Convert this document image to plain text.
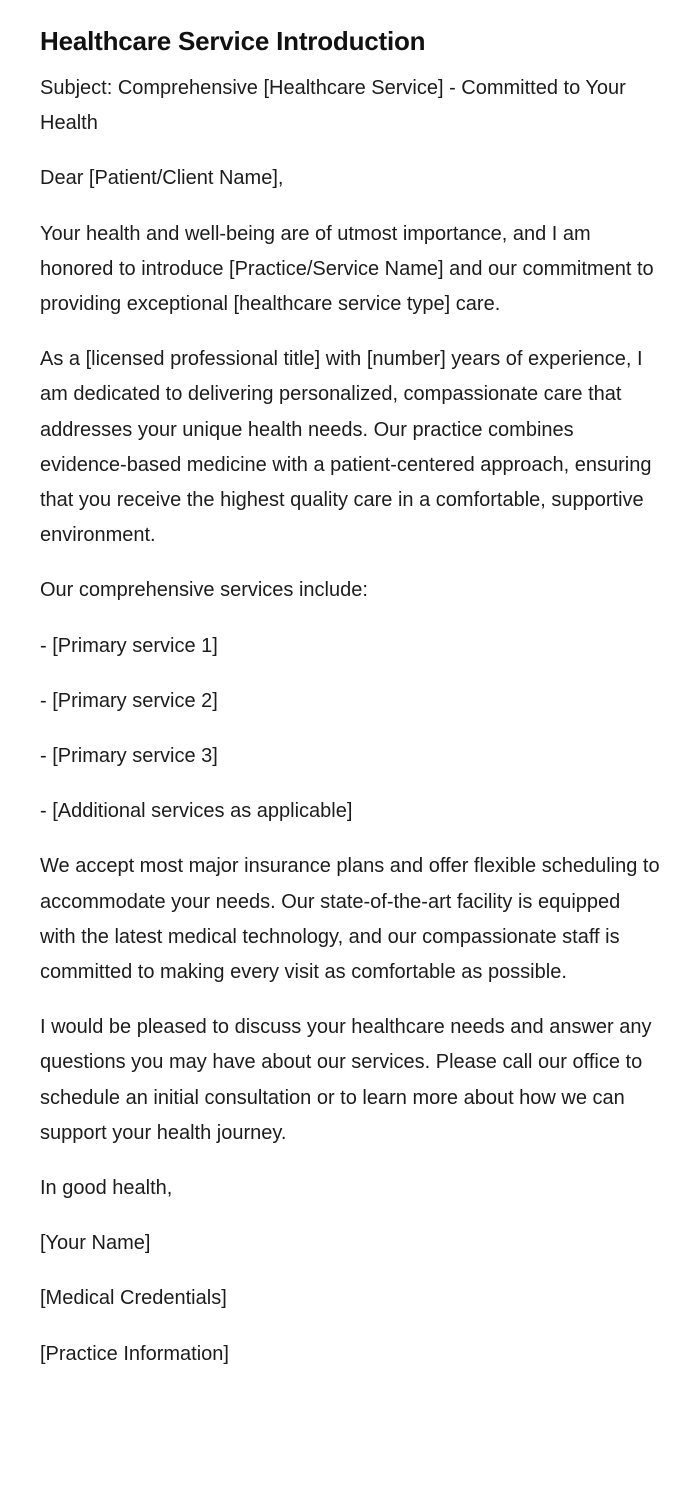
Healthcare Service Introduction

Subject: Comprehensive [Healthcare Service] - Committed to Your Health

Dear [Patient/Client Name],

Your health and well-being are of utmost importance, and I am honored to introduce [Practice/Service Name] and our commitment to providing exceptional [healthcare service type] care.

As a [licensed professional title] with [number] years of experience, I am dedicated to delivering personalized, compassionate care that addresses your unique health needs. Our practice combines evidence-based medicine with a patient-centered approach, ensuring that you receive the highest quality care in a comfortable, supportive environment.

Our comprehensive services include:

- [Primary service 1]

- [Primary service 2]

- [Primary service 3]

- [Additional services as applicable]

We accept most major insurance plans and offer flexible scheduling to accommodate your needs. Our state-of-the-art facility is equipped with the latest medical technology, and our compassionate staff is committed to making every visit as comfortable as possible.

I would be pleased to discuss your healthcare needs and answer any questions you may have about our services. Please call our office to schedule an initial consultation or to learn more about how we can support your health journey.

In good health,

[Your Name]

[Medical Credentials]

[Practice Information]
